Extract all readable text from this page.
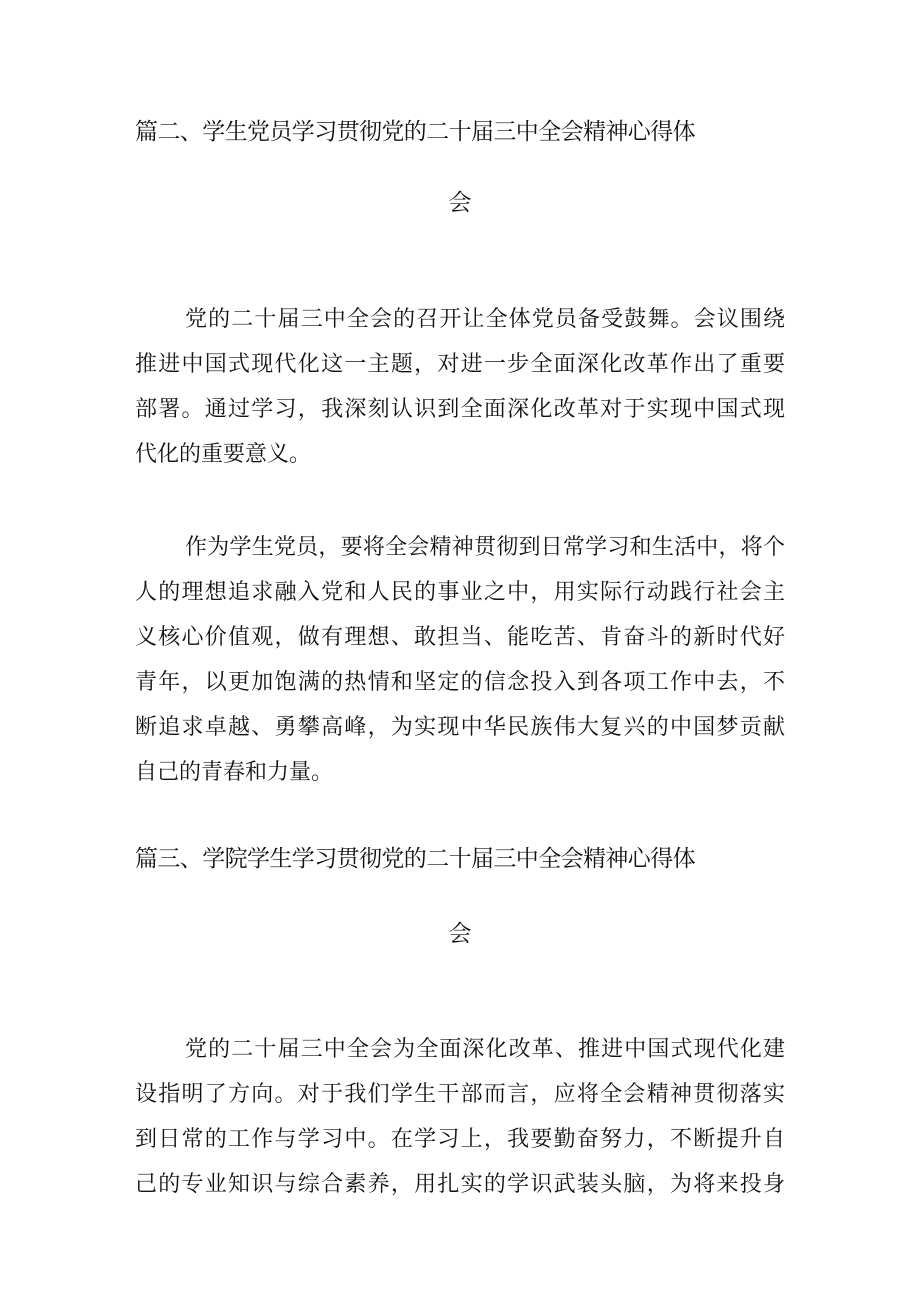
篇二、学生党员学习贯彻党的二十届三中全会精神心得体
会
党的二十届三中全会的召开让全体党员备受鼓舞。会议围绕
推进中国式现代化这一主题，对进一步全面深化改革作出了重要
部署。通过学习，我深刻认识到全面深化改革对于实现中国式现
代化的重要意义。
作为学生党员，要将全会精神贯彻到日常学习和生活中，将个
人的理想追求融入党和人民的事业之中，用实际行动践行社会主
义核心价值观，做有理想、敢担当、能吃苦、肯奋斗的新时代好
青年，以更加饱满的热情和坚定的信念投入到各项工作中去，不
断追求卓越、勇攀高峰，为实现中华民族伟大复兴的中国梦贡献
自己的青春和力量。
篇三、学院学生学习贯彻党的二十届三中全会精神心得体
会
党的二十届三中全会为全面深化改革、推进中国式现代化建
设指明了方向。对于我们学生干部而言，应将全会精神贯彻落实
到日常的工作与学习中。在学习上，我要勤奋努力，不断提升自
己的专业知识与综合素养，用扎实的学识武装头脑，为将来投身
